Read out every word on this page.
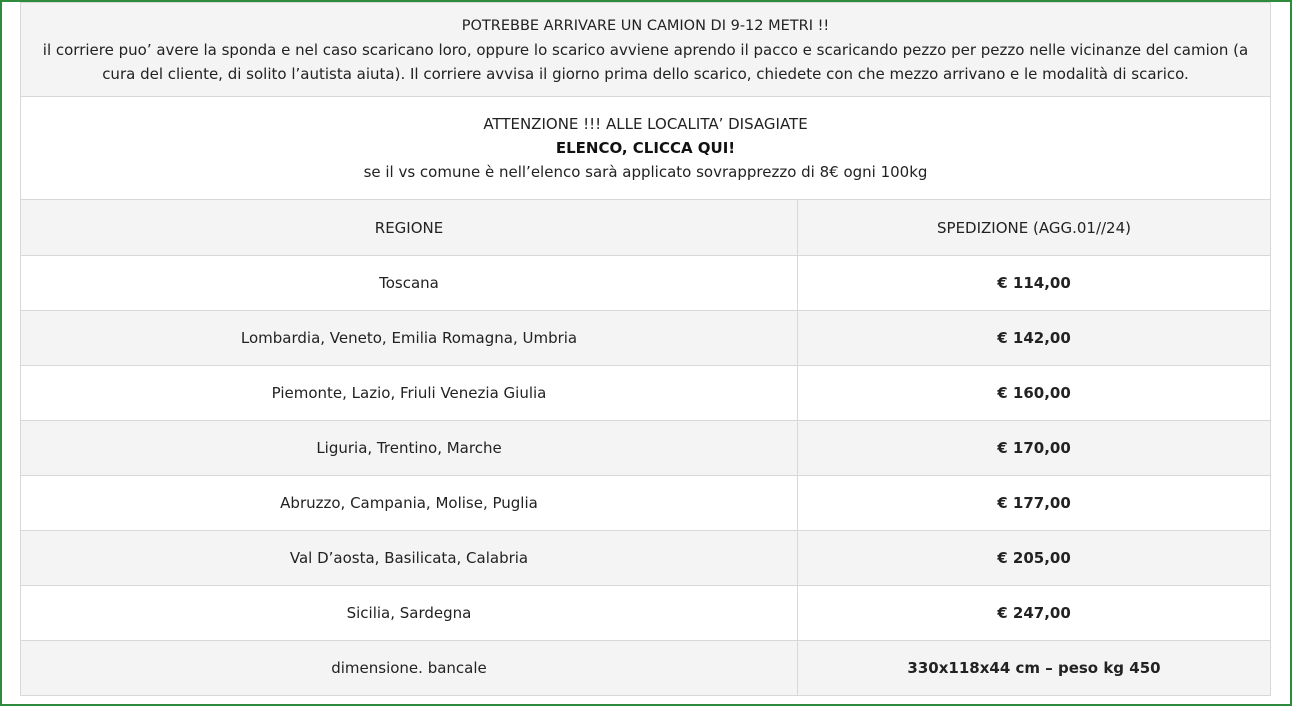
POTREBBE ARRIVARE UN CAMION DI 9-12 METRI !!
il corriere puo’ avere la sponda e nel caso scaricano loro, oppure lo scarico avviene aprendo il pacco e scaricando pezzo per pezzo nelle vicinanze del camion (a cura del cliente, di solito l’autista aiuta). Il corriere avvisa il giorno prima dello scarico, chiedete con che mezzo arrivano e le modalità di scarico.	

ATTENZIONE !!! ALLE LOCALITA’ DISAGIATE
ELENCO, CLICCA QUI!
se il vs comune è nell’elenco sarà applicato sovrapprezzo di 8€ ogni 100kg	

REGIONE	SPEDIZIONE (AGG.01//24)
Toscana	€ 114,00
Lombardia, Veneto, Emilia Romagna, Umbria	€ 142,00
Piemonte, Lazio, Friuli Venezia Giulia	€ 160,00
Liguria, Trentino, Marche	€ 170,00
Abruzzo, Campania, Molise, Puglia	€ 177,00
Val D’aosta, Basilicata, Calabria	€ 205,00
Sicilia, Sardegna	€ 247,00
dimensione. bancale	330x118x44 cm – peso kg 450
